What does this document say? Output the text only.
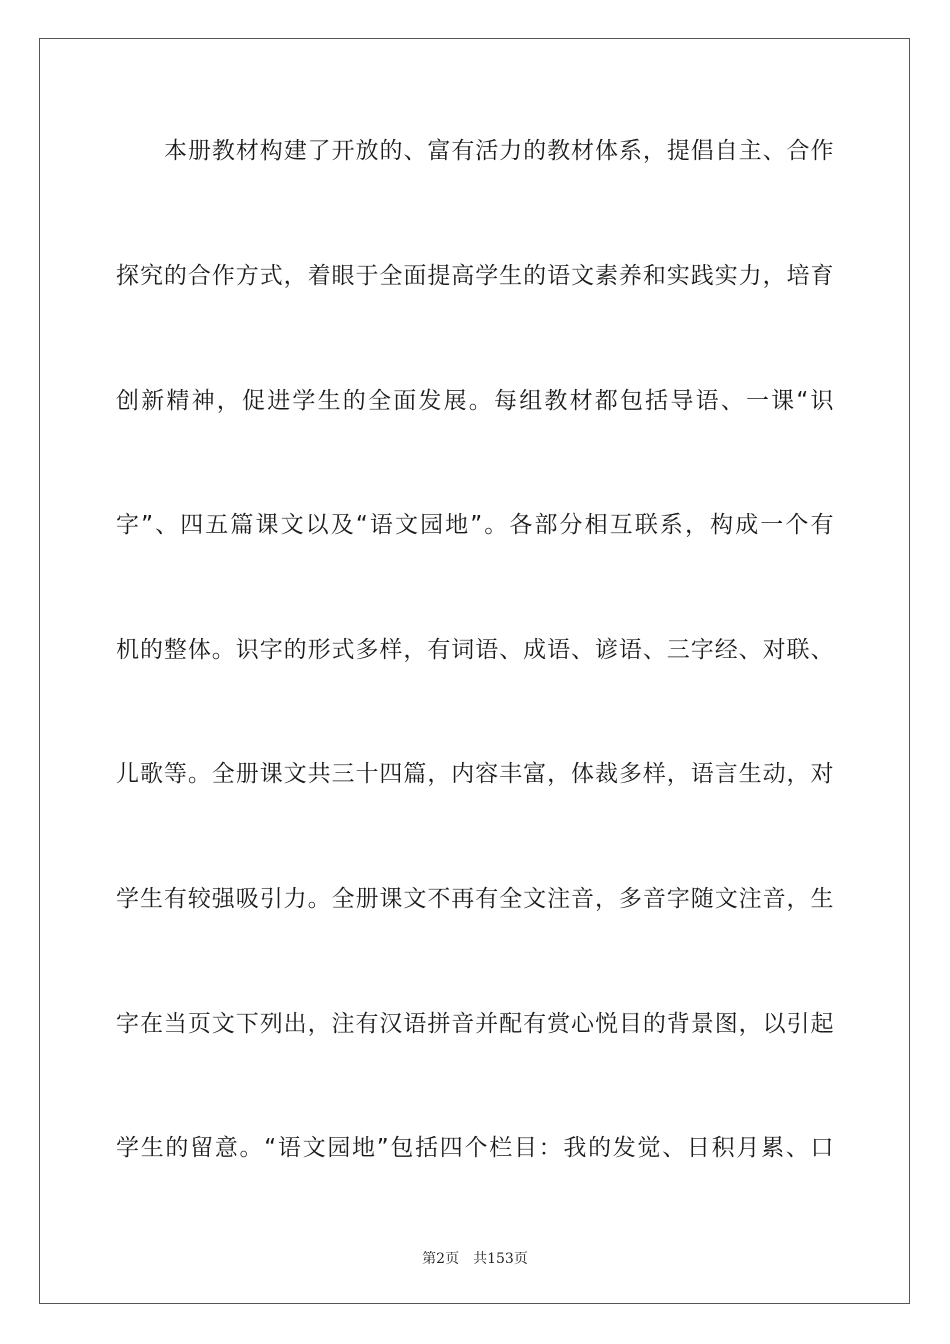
本册教材构建了开放的、富有活力的教材体系，提倡自主、合作
探究的合作方式，着眼于全面提高学生的语文素养和实践实力，培育
创新精神，促进学生的全面发展。每组教材都包括导语、一课“识
字”、四五篇课文以及“语文园地”。各部分相互联系，构成一个有
机的整体。识字的形式多样，有词语、成语、谚语、三字经、对联、
儿歌等。全册课文共三十四篇，内容丰富，体裁多样，语言生动，对
学生有较强吸引力。全册课文不再有全文注音，多音字随文注音，生
字在当页文下列出，注有汉语拼音并配有赏心悦目的背景图，以引起
学生的留意。“语文园地”包括四个栏目：我的发觉、日积月累、口
第2页 共153页
